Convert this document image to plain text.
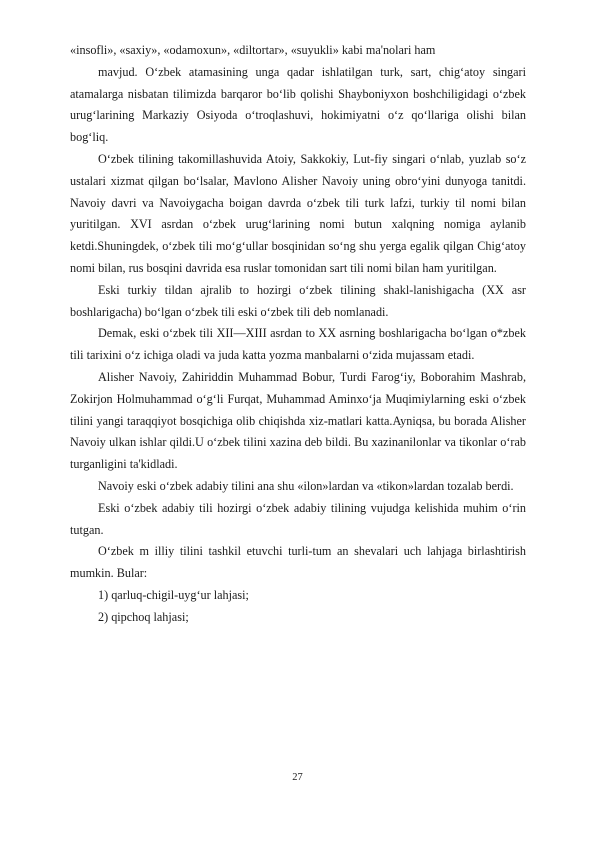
«insofli», «saxiy», «odamoxun», «diltortar», «suyukli» kabi ma'nolari ham

mavjud. O‘zbek atamasining unga qadar ishlatilgan turk, sart, chig‘atoy singari atamalarga nisbatan tilimizda barqaror bo‘lib qolishi Shayboniyxon boshchiligidagi o‘zbek urug‘larining Markaziy Osiyoda o‘troqlashuvi, hokimiyatni o‘z qo‘llariga olishi bilan bog‘liq.

O‘zbek tilining takomillashuvida Atoiy, Sakkokiy, Lut-fiy singari o‘nlab, yuzlab so‘z ustalari xizmat qilgan bo‘lsalar, Mavlono Alisher Navoiy uning obro‘yini dunyoga tanitdi. Navoiy davri va Navoiygacha boigan davrda o‘zbek tili turk lafzi, turkiy til nomi bilan yuritilgan. XVI asrdan o‘zbek urug‘larining nomi butun xalqning nomiga aylanib ketdi.Shuningdek, o‘zbek tili mo‘g‘ullar bosqinidan so‘ng shu yerga egalik qilgan Chig‘atoy nomi bilan, rus bosqini davrida esa ruslar tomonidan sart tili nomi bilan ham yuritilgan.

Eski turkiy tildan ajralib to hozirgi o‘zbek tilining shakl-lanishigacha (XX asr boshlarigacha) bo‘lgan o‘zbek tili eski o‘zbek tili deb nomlanadi.

Demak, eski o‘zbek tili XII—XIII asrdan to XX asrning boshlarigacha bo‘lgan o*zbek tili tarixini o‘z ichiga oladi va juda katta yozma manbalarni o‘zida mujassam etadi.

Alisher Navoiy, Zahiriddin Muhammad Bobur, Turdi Farog‘iy, Boborahim Mashrab, Zokirjon Holmuhammad o‘g‘li Furqat, Muhammad Aminxo‘ja Muqimiylarning eski o‘zbek tilini yangi taraqqiyot bosqichiga olib chiqishda xiz-matlari katta.Ayniqsa, bu borada Alisher Navoiy ulkan ishlar qildi.U o‘zbek tilini xazina deb bildi. Bu xazinanilonlar va tikonlar o‘rab turganligini ta'kidladi.

Navoiy eski o‘zbek adabiy tilini ana shu «ilon»lardan va «tikon»lardan tozalab berdi.

Eski o‘zbek adabiy tili hozirgi o‘zbek adabiy tilining vujudga kelishida muhim o‘rin tutgan.

O‘zbek m illiy tilini tashkil etuvchi turli-tum an shevalari uch lahjaga birlashtirish mumkin. Bular:

1) qarluq-chigil-uyg‘ur lahjasi;

2) qipchoq lahjasi;

27
